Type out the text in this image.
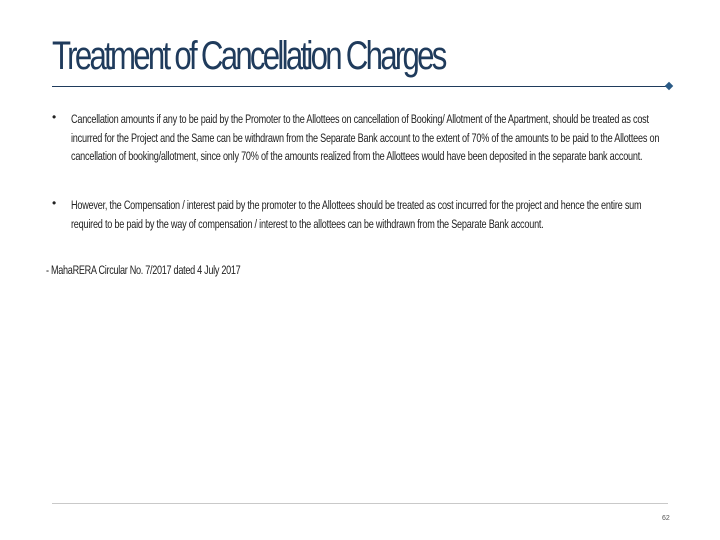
Treatment of Cancellation Charges
• Cancellation amounts if any to be paid by the Promoter to the Allottees on cancellation of Booking/ Allotment of the Apartment, should be treated as cost incurred for the Project and the Same can be withdrawn from the Separate Bank account to the extent of 70% of the amounts to be paid to the Allottees on cancellation of booking/allotment, since only 70% of the amounts realized from the Allottees would have been deposited in the separate bank account.
• However, the Compensation / interest paid by the promoter to the Allottees should be treated as cost incurred for the project and hence the entire sum required to be paid by the way of compensation / interest to the allottees can be withdrawn from the Separate Bank account.
- MahaRERA Circular No. 7/2017 dated 4 July 2017
62
